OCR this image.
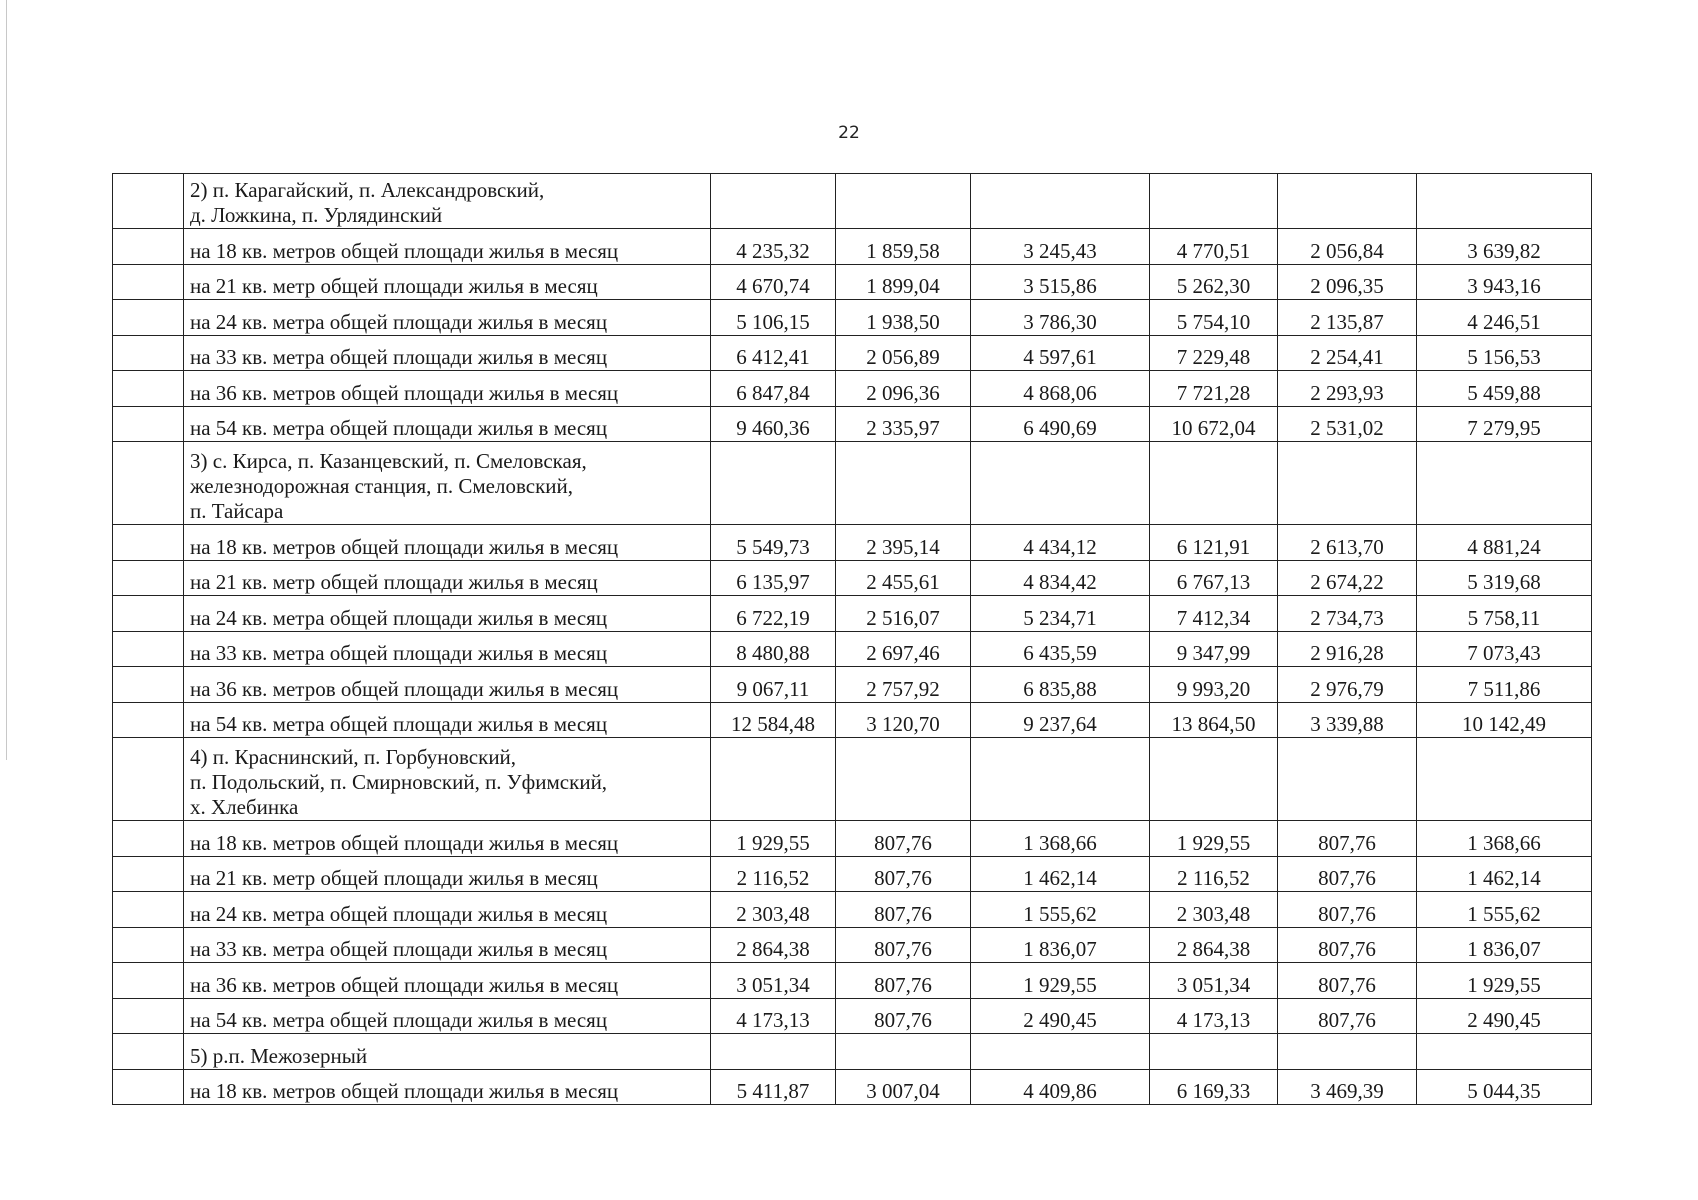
22

	2) п. Карагайский, п. Александровский,
д. Ложкина, п. Урлядинский						

	на 18 кв. метров общей площади жилья в месяц	4 235,32	1 859,58	3 245,43	4 770,51	2 056,84	3 639,82
	на 21 кв. метр общей площади жилья в месяц	4 670,74	1 899,04	3 515,86	5 262,30	2 096,35	3 943,16
	на 24 кв. метра общей площади жилья в месяц	5 106,15	1 938,50	3 786,30	5 754,10	2 135,87	4 246,51
	на 33 кв. метра общей площади жилья в месяц	6 412,41	2 056,89	4 597,61	7 229,48	2 254,41	5 156,53
	на 36 кв. метров общей площади жилья в месяц	6 847,84	2 096,36	4 868,06	7 721,28	2 293,93	5 459,88
	на 54 кв. метра общей площади жилья в месяц	9 460,36	2 335,97	6 490,69	10 672,04	2 531,02	7 279,95

	3) с. Кирса, п. Казанцевский, п. Смеловская,
железнодорожная станция, п. Смеловский,
п. Тайсара						

	на 18 кв. метров общей площади жилья в месяц	5 549,73	2 395,14	4 434,12	6 121,91	2 613,70	4 881,24
	на 21 кв. метр общей площади жилья в месяц	6 135,97	2 455,61	4 834,42	6 767,13	2 674,22	5 319,68
	на 24 кв. метра общей площади жилья в месяц	6 722,19	2 516,07	5 234,71	7 412,34	2 734,73	5 758,11
	на 33 кв. метра общей площади жилья в месяц	8 480,88	2 697,46	6 435,59	9 347,99	2 916,28	7 073,43
	на 36 кв. метров общей площади жилья в месяц	9 067,11	2 757,92	6 835,88	9 993,20	2 976,79	7 511,86
	на 54 кв. метра общей площади жилья в месяц	12 584,48	3 120,70	9 237,64	13 864,50	3 339,88	10 142,49

	4) п. Краснинский, п. Горбуновский,
п. Подольский, п. Смирновский, п. Уфимский,
х. Хлебинка						

	на 18 кв. метров общей площади жилья в месяц	1 929,55	807,76	1 368,66	1 929,55	807,76	1 368,66
	на 21 кв. метр общей площади жилья в месяц	2 116,52	807,76	1 462,14	2 116,52	807,76	1 462,14
	на 24 кв. метра общей площади жилья в месяц	2 303,48	807,76	1 555,62	2 303,48	807,76	1 555,62
	на 33 кв. метра общей площади жилья в месяц	2 864,38	807,76	1 836,07	2 864,38	807,76	1 836,07
	на 36 кв. метров общей площади жилья в месяц	3 051,34	807,76	1 929,55	3 051,34	807,76	1 929,55
	на 54 кв. метра общей площади жилья в месяц	4 173,13	807,76	2 490,45	4 173,13	807,76	2 490,45

	5) р.п. Межозерный						

	на 18 кв. метров общей площади жилья в месяц	5 411,87	3 007,04	4 409,86	6 169,33	3 469,39	5 044,35
